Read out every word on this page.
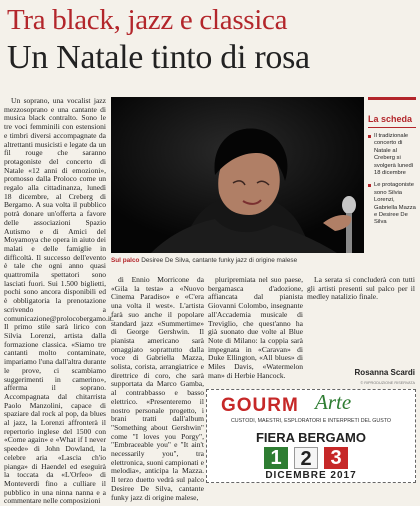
Tra black, jazz e classica
Un Natale tinto di rosa

Un soprano, una vocalist jazz mezzosoprano e una cantante di musica black contralto. Sono le tre voci femminili con estensioni e timbri diversi accompagnate da altrettanti musicisti e legate da un fil rouge che saranno protagoniste del concerto di Natale «12 anni di emozioni», promosso dalla Proloco come un regalo alla cittadinanza, lunedì 18 dicembre, al Creberg di Bergamo. A sua volta il pubblico potrà donare un'offerta a favore delle associazioni Spazio Autismo e di Amici del Moyamoya che opera in aiuto dei malati e delle famiglie in difficoltà. Il successo dell'evento è tale che ogni anno quasi quattromila spettatori sono lasciati fuori. Sui 1.500 biglietti, pochi sono ancora disponibili ed è obbligatoria la prenotazione scrivendo a comunicazione@prolocobergamo.it. Il primo stile sarà lirico con Silvia Lorenzi, artista dalla formazione classica. «Siamo tre cantanti molto contaminate, impariamo l'una dall'altra durante le prove, ci scambiamo suggerimenti in camerino», afferma il soprano. Accompagnata dal chitarrista Paolo Manzolini, capace di spaziare dal rock al pop, da blues al jazz, la Lorenzi affronterà il repertorio inglese del 1500 con «Come again» e «What if I never speede» di John Dowland, la celebre aria «Lascia ch'io pianga» di Haendel ed eseguirà la toccata da «L'Orfeo» di Monteverdi fino a culliare il pubblico in una ninna nanna e a commentare nelle composizioni

Sul palco Desiree De Silva, cantante funky jazz di origine malese
La scheda
Il tradizionale concerto di Natale al Creberg si svolgerà lunedì 18 dicembre
Le protagoniste sono Silvia Lorenzi, Gabriella Mazza e Desiree De Silva

di Ennio Morricone da «Gila la testa» a «Nuovo Cinema Paradiso» e «C'era una volta il west». L'artista farà suo anche il popolare standard jazz «Summertime» di George Gershwin. Il pianista americano sarà omaggiato soprattutto dalla voce di Gabriella Mazza, solista, corista, arrangiatrice e direttrice di coro, che sarà supportata da Marco Gamba, al contrabbasso e basso elettrico. «Presenteremo il nostro personale progetto, i brani tratti dall'album "Something about Gershwin" come "I loves you Porgy", "Embraceable you" e "It ain't necessarily you", tra elettronica, suoni campionati e melodia», anticipa la Mazza. Il terzo duetto vedrà sul palco Desiree De Silva, cantante funky jazz di origine malese,

pluripremiata nel suo paese, bergamasca d'adozione, affiancata dal pianista Giovanni Colombo, insegnante all'Accademia musicale di Treviglio, che quest'anno ha già suonato due volte al Blue Note di Milano: la coppia sarà impegnata in «Caravan» di Duke Ellington, «All blues» di Miles Davis, «Watermelon man» di Herbie Hancock.

La serata si concluderà con tutti gli artisti presenti sul palco per il medley natalizio finale.

Rosanna Scardi
© RIPRODUZIONE RISERVATA
GOURM Arte
CUSTODI, MAESTRI, ESPLORATORI E INTERPRETI DEL GUSTO
FIERA BERGAMO
1 2 3
DICEMBRE 2017
